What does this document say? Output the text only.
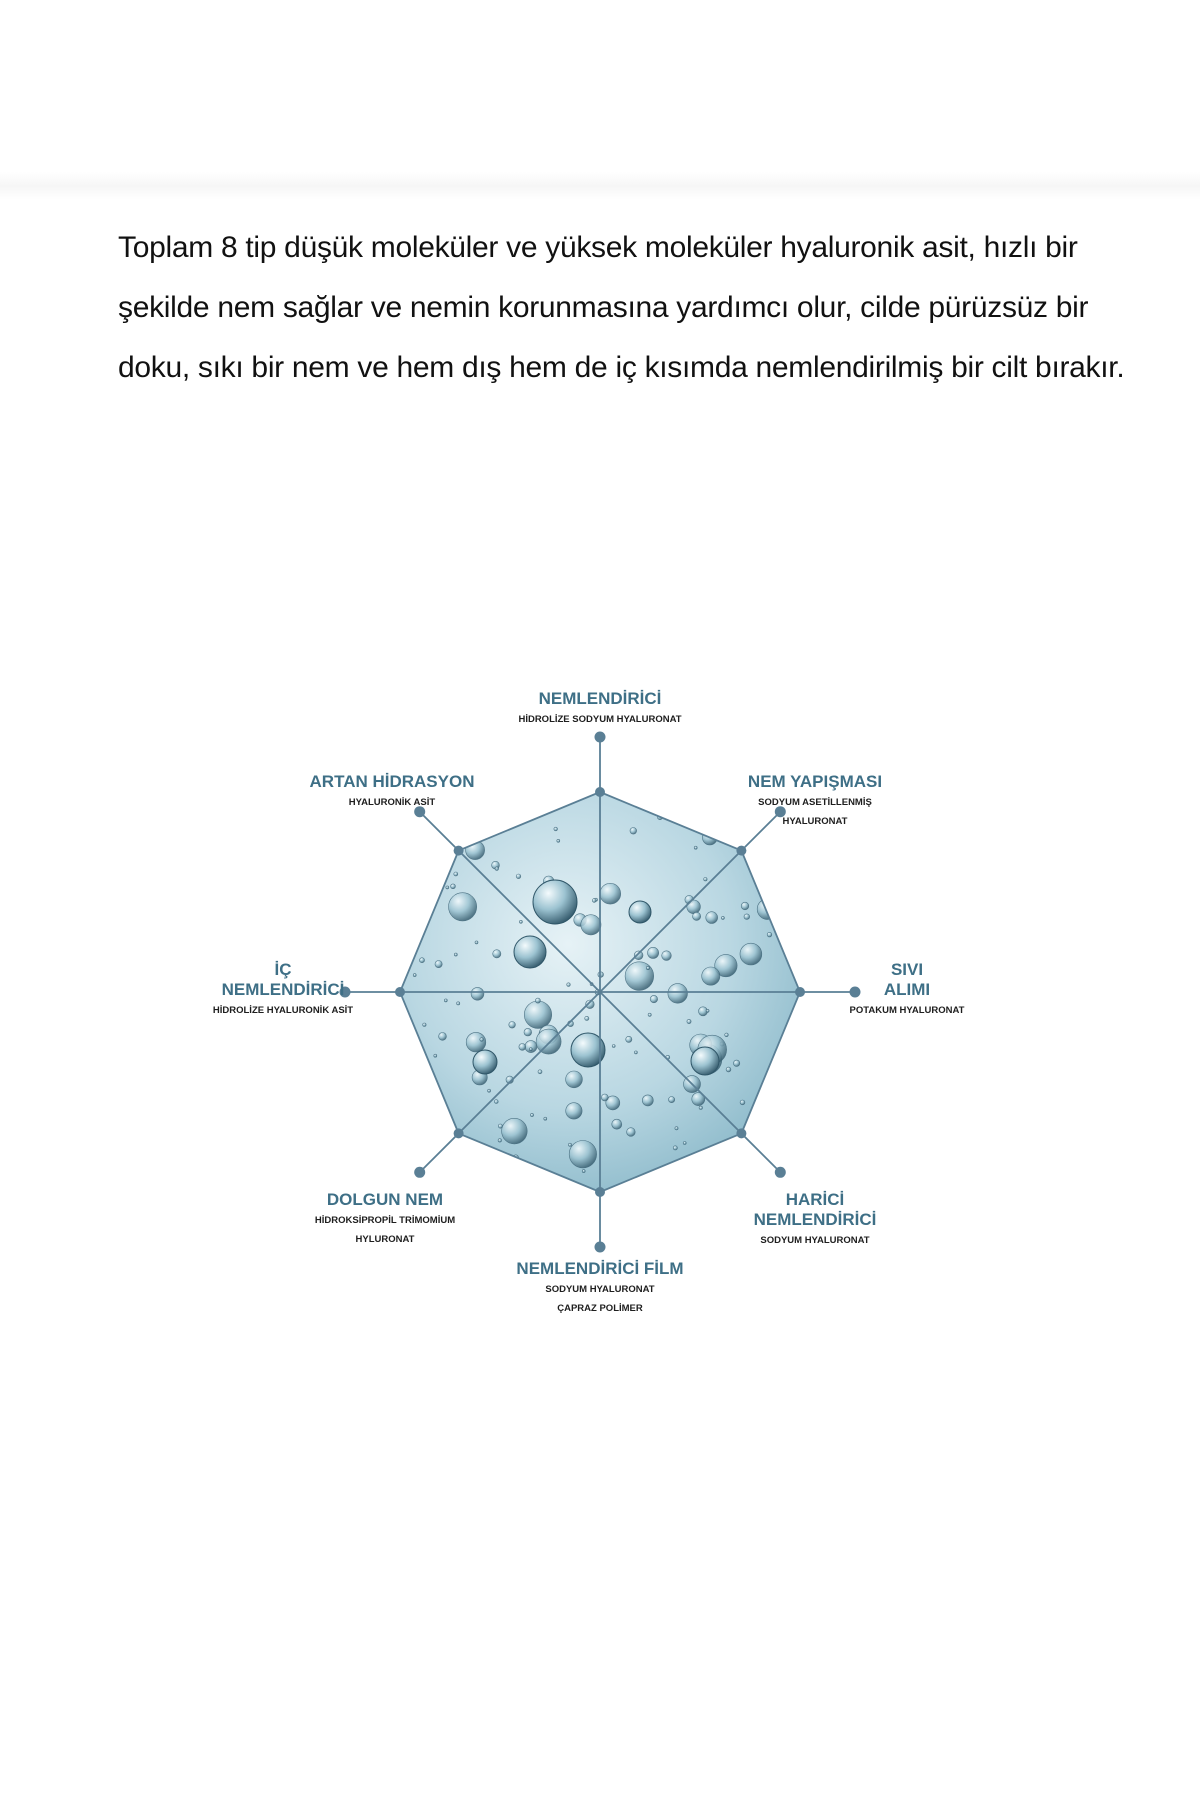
Toplam 8 tip düşük moleküler ve yüksek moleküler hyaluronik asit, hızlı bir şekilde nem sağlar ve nemin korunmasına yardımcı olur, cilde pürüzsüz bir doku, sıkı bir nem ve hem dış hem de iç kısımda nemlendirilmiş bir cilt bırakır.

NEMLENDİRİCİ
HİDROLİZE SODYUM HYALURONAT
NEM YAPIŞMASI
SODYUM ASETİLLENMİŞ
HYALURONAT
SIVI
ALIMI
POTAKUM HYALURONAT
HARİCİ
NEMLENDİRİCİ
SODYUM HYALURONAT
NEMLENDİRİCİ FİLM
SODYUM HYALURONAT
ÇAPRAZ POLİMER
DOLGUN NEM
HİDROKSİPROPİL TRİMOMİUM
HYLURONAT
İÇ
NEMLENDİRİCİ
HİDROLİZE HYALURONİK ASİT
ARTAN HİDRASYON
HYALURONİK ASİT
